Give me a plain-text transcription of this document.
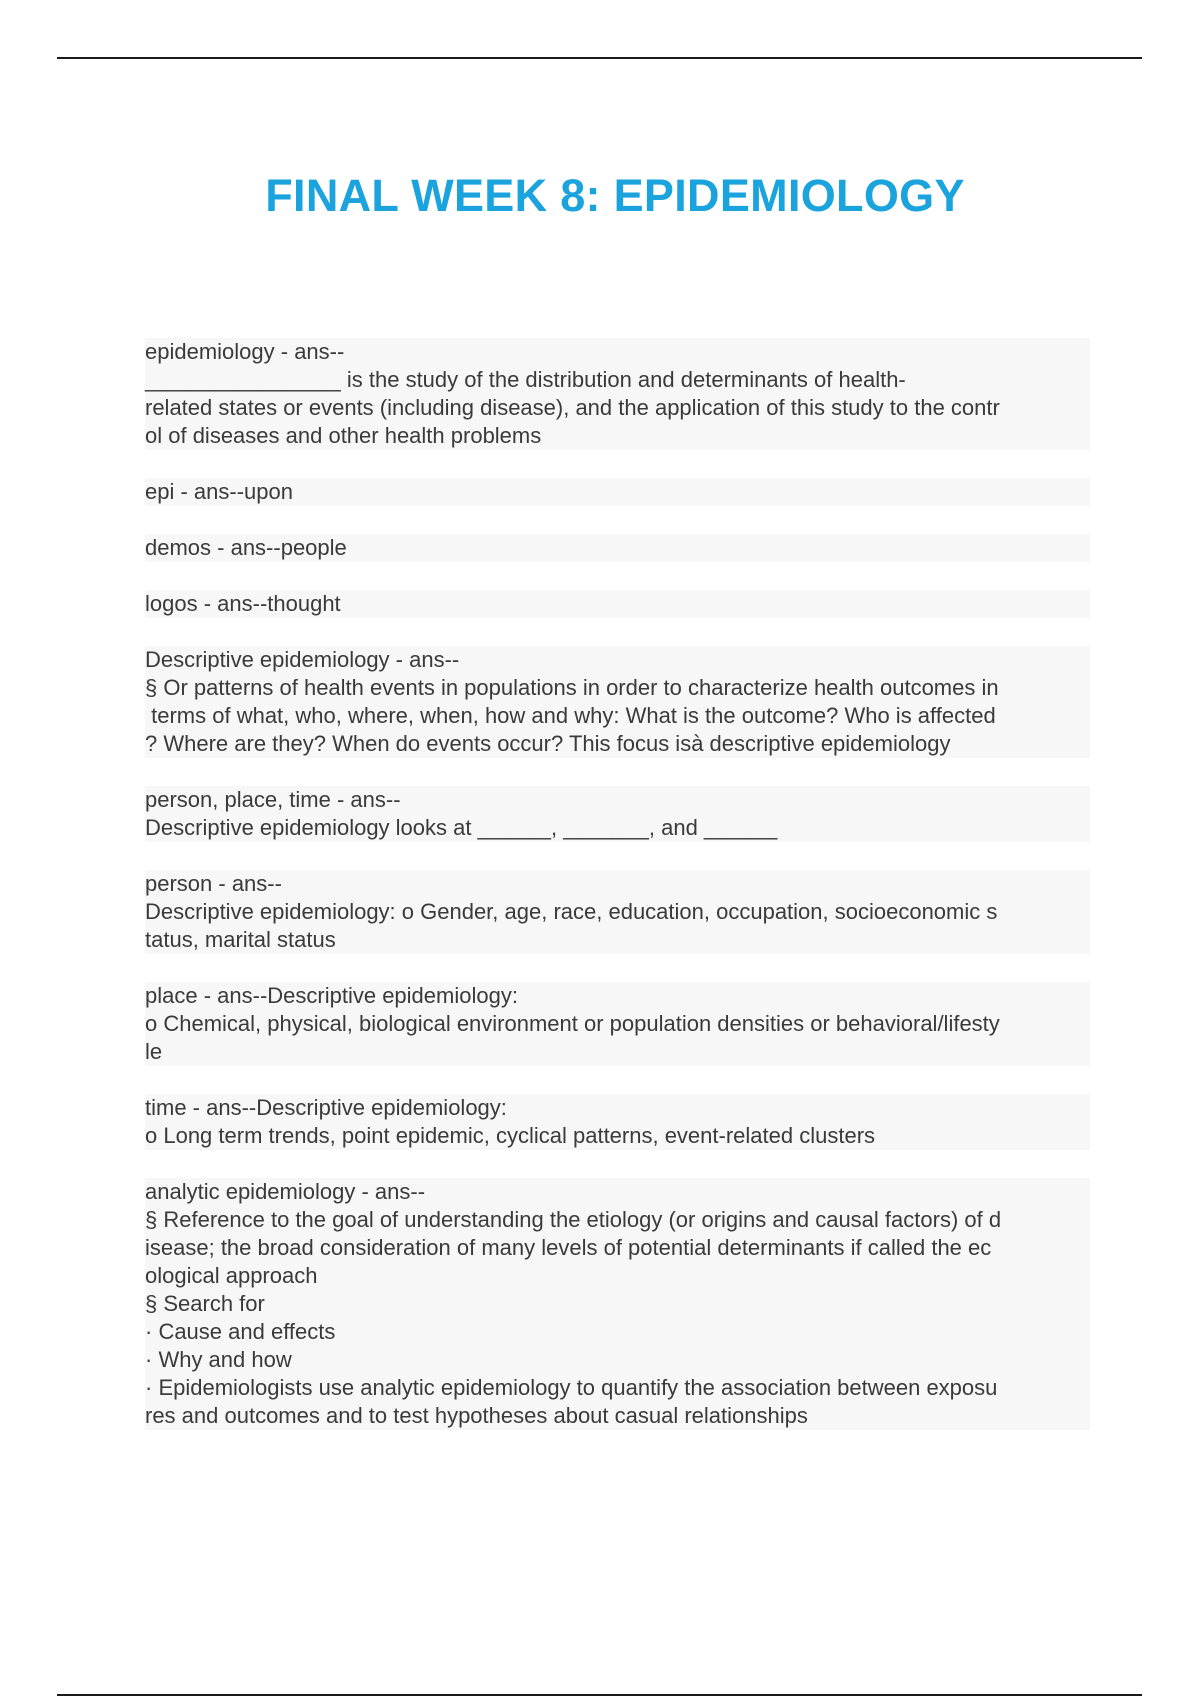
FINAL WEEK 8: EPIDEMIOLOGY
epidemiology - ans--
________________ is the study of the distribution and determinants of health-
related states or events (including disease), and the application of this study to the contr
ol of diseases and other health problems
epi - ans--upon
demos - ans--people
logos - ans--thought
Descriptive epidemiology - ans--
§ Or patterns of health events in populations in order to characterize health outcomes in
terms of what, who, where, when, how and why: What is the outcome? Who is affected
? Where are they? When do events occur? This focus isà descriptive epidemiology
person, place, time - ans--
Descriptive epidemiology looks at ______, _______, and ______
person - ans--
Descriptive epidemiology: o Gender, age, race, education, occupation, socioeconomic s
tatus, marital status
place - ans--Descriptive epidemiology:
o Chemical, physical, biological environment or population densities or behavioral/lifesty
le
time - ans--Descriptive epidemiology:
o Long term trends, point epidemic, cyclical patterns, event-related clusters
analytic epidemiology - ans--
§ Reference to the goal of understanding the etiology (or origins and causal factors) of d
isease; the broad consideration of many levels of potential determinants if called the ec
ological approach
§ Search for
· Cause and effects
· Why and how
· Epidemiologists use analytic epidemiology to quantify the association between exposu
res and outcomes and to test hypotheses about casual relationships
